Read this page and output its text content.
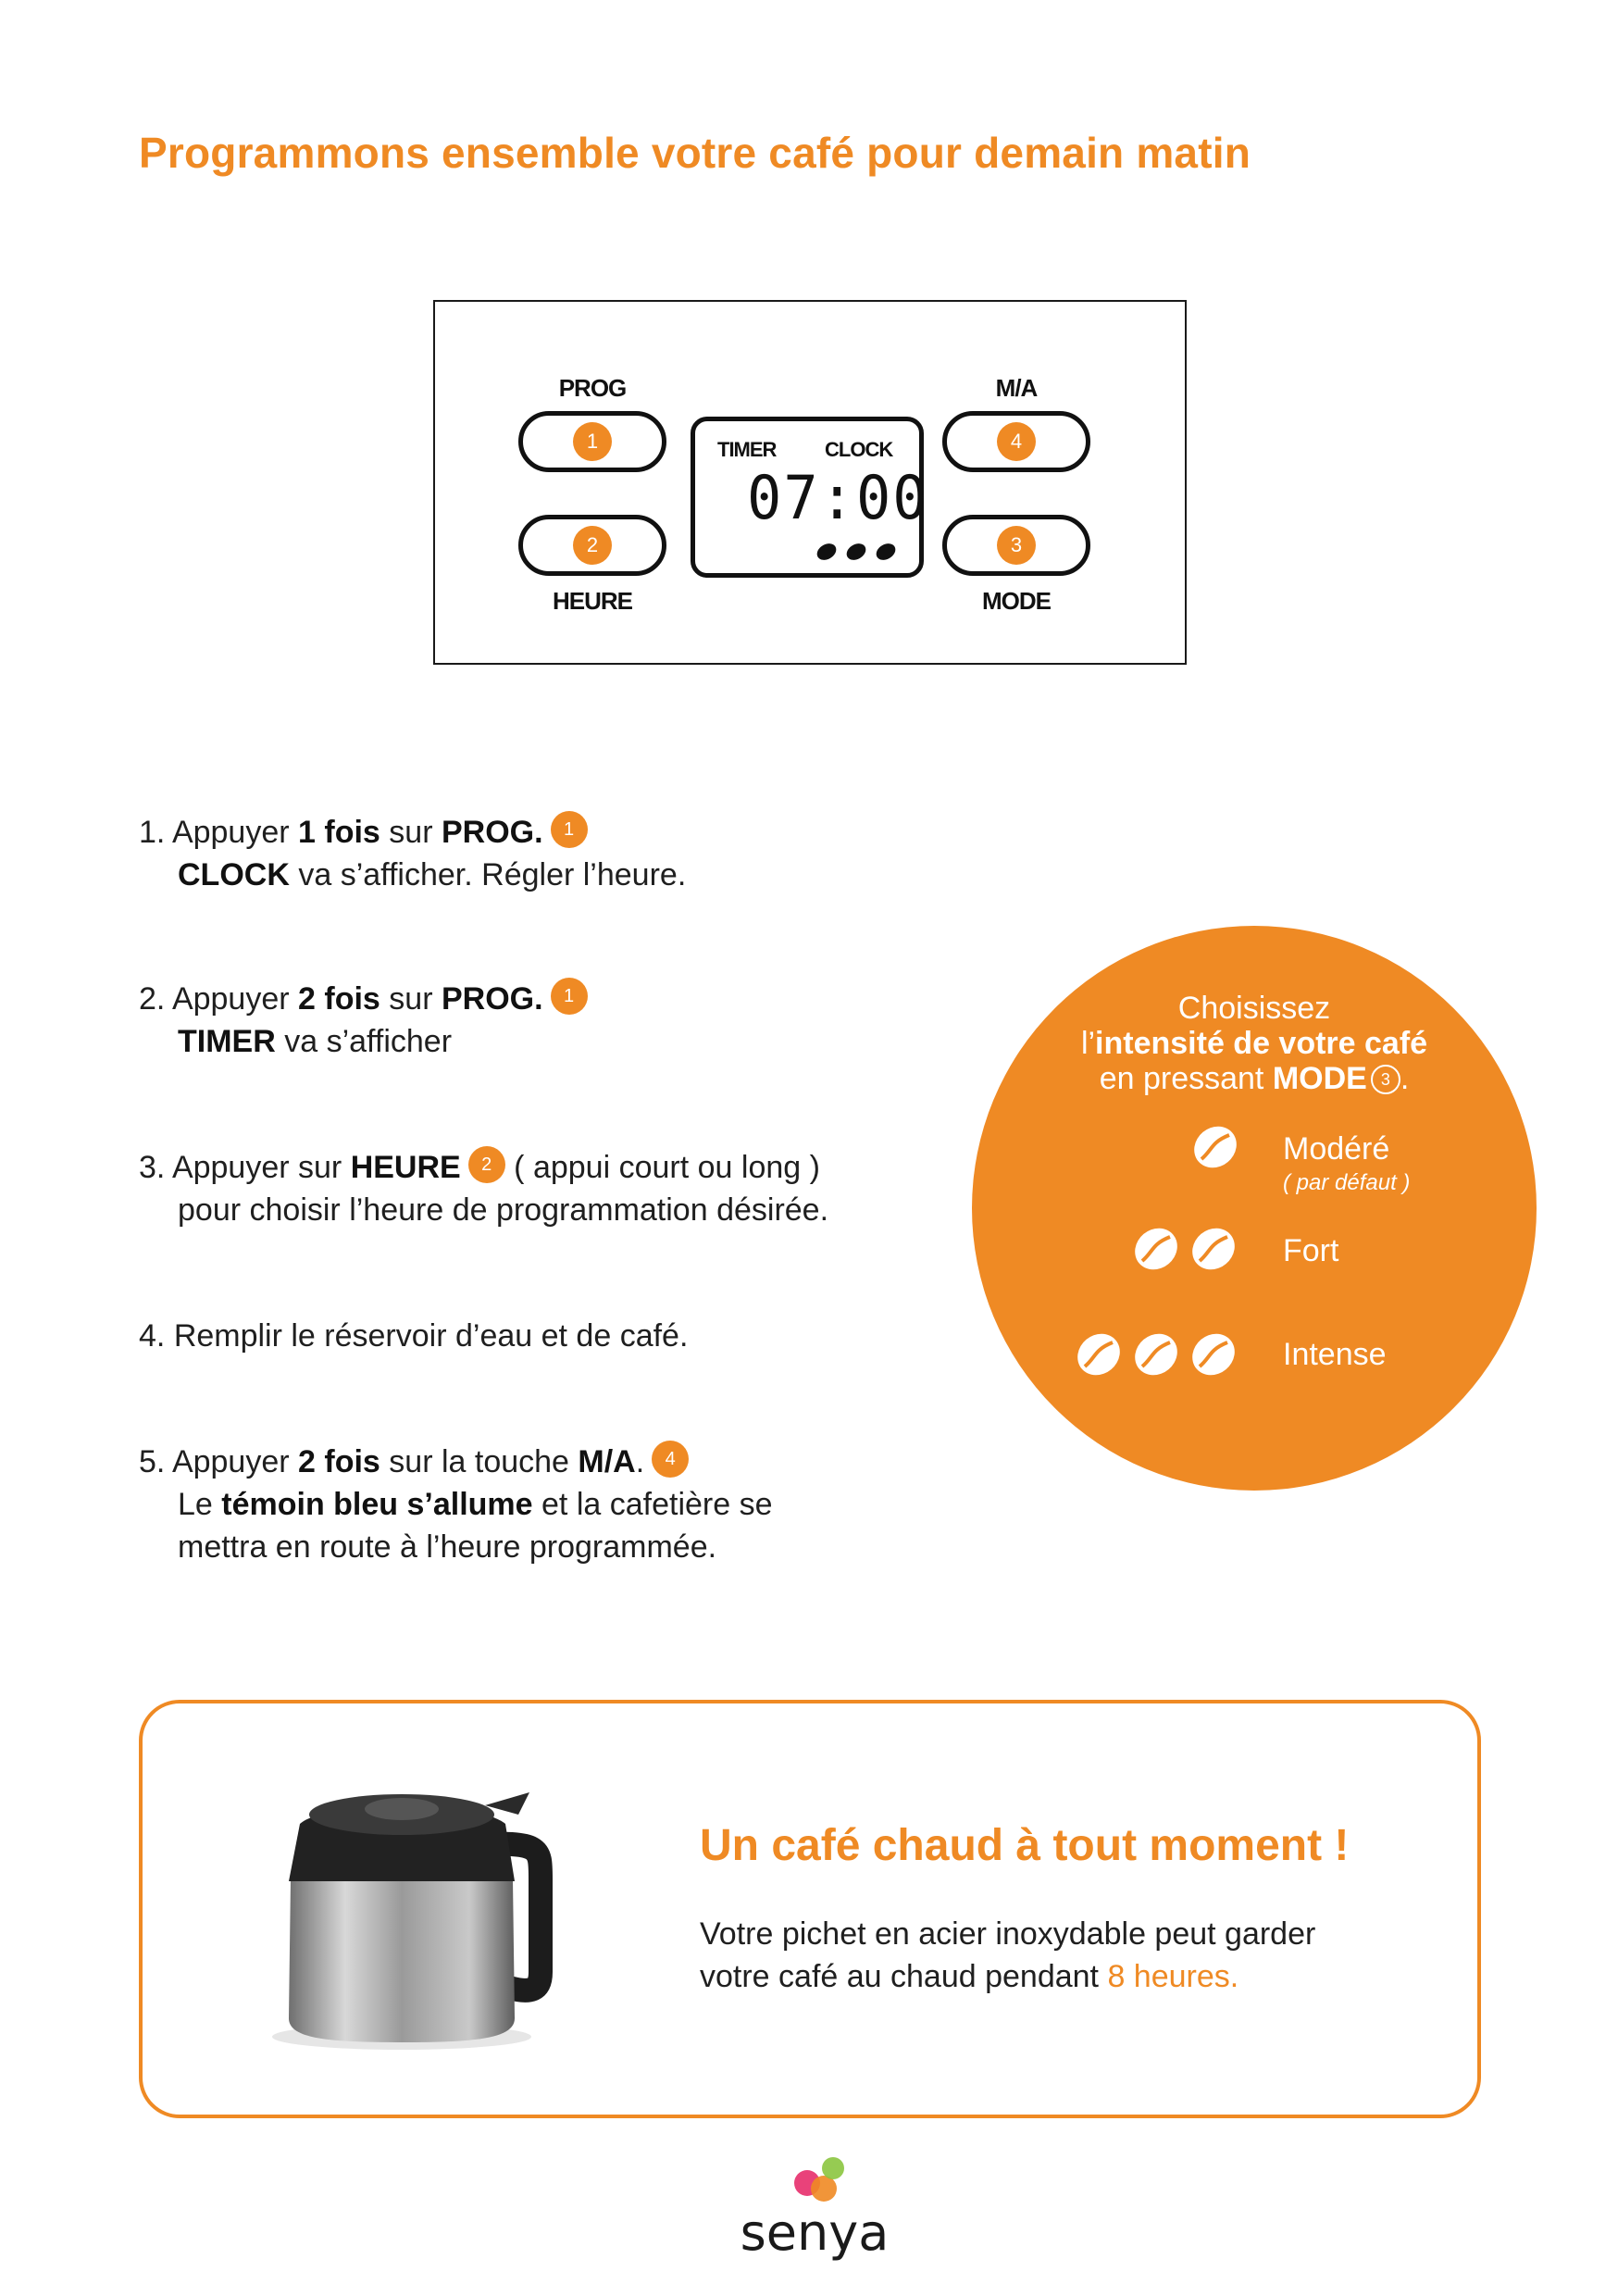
Programmons ensemble votre café pour demain matin
PROG
1
2
HEURE
TIMER CLOCK
07:00
M/A
4
3
MODE
1. Appuyer 1 fois sur PROG. 1
CLOCK va s’afficher. Régler l’heure.
2. Appuyer 2 fois sur PROG. 1
TIMER va s’afficher
3. Appuyer sur HEURE 2 ( appui court ou long )
pour choisir l’heure de programmation désirée.
4. Remplir le réservoir d’eau et de café.
5. Appuyer 2 fois sur la touche M/A. 4
Le témoin bleu s’allume et la cafetière se
mettra en route à l’heure programmée.
Choisissez
l’intensité de votre café
en pressant MODE 3 .
Modéré
( par défaut )
Fort
Intense
Un café chaud à tout moment !
Votre pichet en acier inoxydable peut garder
votre café au chaud pendant 8 heures.
senya
